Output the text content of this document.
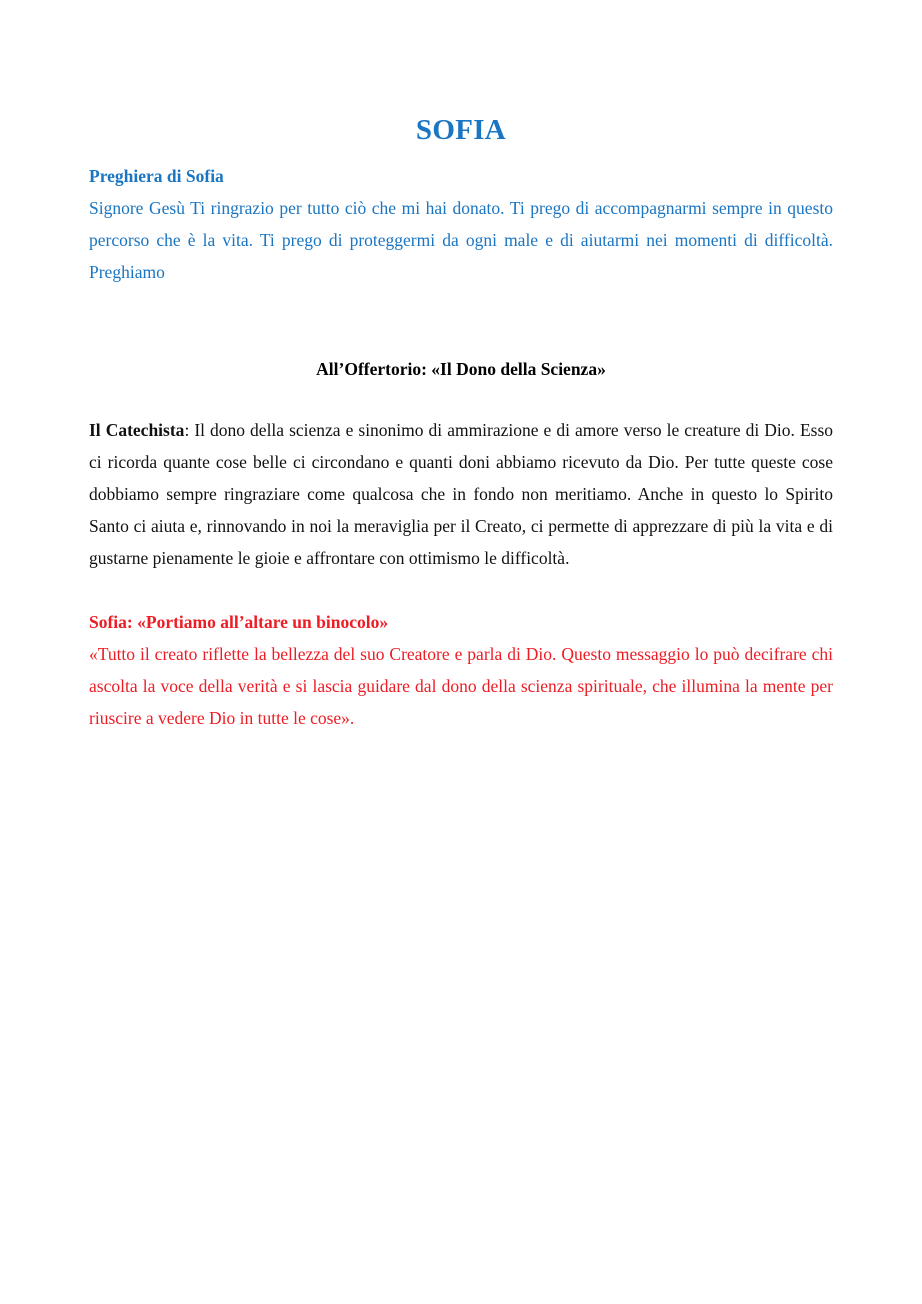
SOFIA

Preghiera di Sofia

Signore Gesù Ti ringrazio per tutto ciò che mi hai donato. Ti prego di accompagnarmi sempre in questo percorso che è la vita. Ti prego di proteggermi da ogni male e di aiutarmi nei momenti di difficoltà. Preghiamo

All’Offertorio: «Il Dono della Scienza»

Il Catechista: Il dono della scienza e sinonimo di ammirazione e di amore verso le creature di Dio. Esso ci ricorda quante cose belle ci circondano e quanti doni abbiamo ricevuto da Dio. Per tutte queste cose dobbiamo sempre ringraziare come qualcosa che in fondo non meritiamo. Anche in questo lo Spirito Santo ci aiuta e, rinnovando in noi la meraviglia per il Creato, ci permette di apprezzare di più la vita e di gustarne pienamente le gioie e affrontare con ottimismo le difficoltà.

Sofia: «Portiamo all’altare un binocolo»

«Tutto il creato riflette la bellezza del suo Creatore e parla di Dio. Questo messaggio lo può decifrare chi ascolta la voce della verità e si lascia guidare dal dono della scienza spirituale, che illumina la mente per riuscire a vedere Dio in tutte le cose».
